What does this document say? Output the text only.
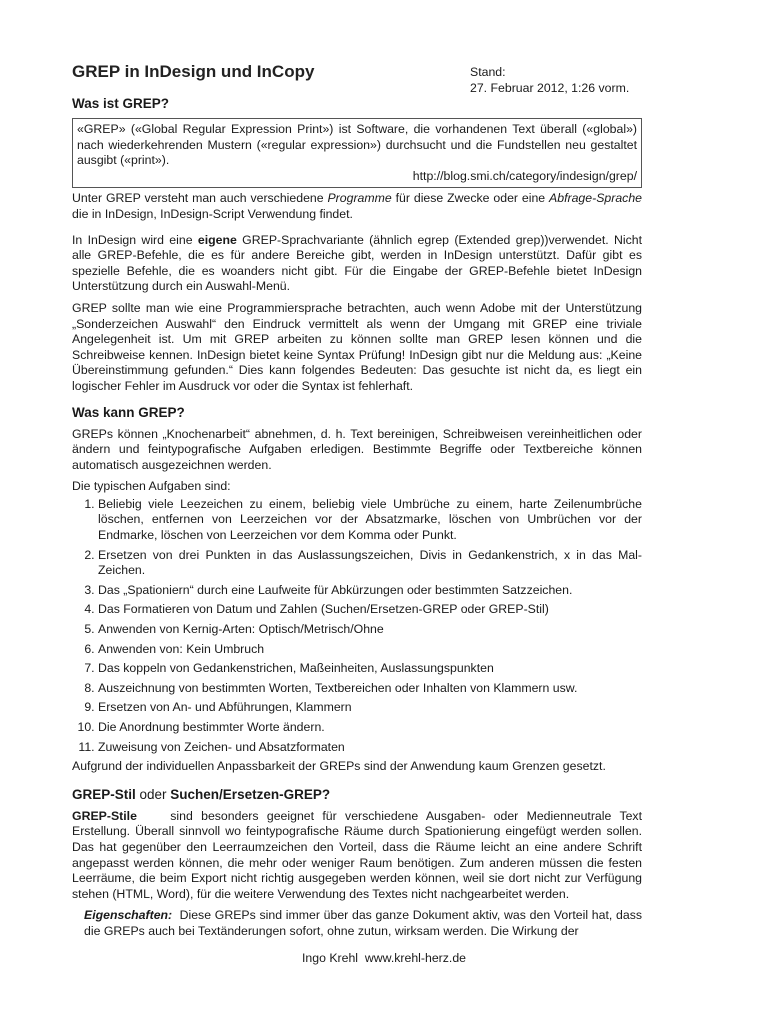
GREP in InDesign und InCopy	Stand:
27. Februar 2012, 1:26 vorm.
Was ist GREP?
«GREP» («Global Regular Expression Print») ist Software, die vorhandenen Text überall («global») nach wiederkehrenden Mustern («regular expression») durchsucht und die Fundstellen neu gestaltet ausgibt («print»).
http://blog.smi.ch/category/indesign/grep/

Unter GREP versteht man auch verschiedene Programme für diese Zwecke oder eine Abfrage-Sprache die in InDesign, InDesign-Script Verwendung findet.

In InDesign wird eine eigene GREP-Sprachvariante (ähnlich egrep (Extended grep))verwendet. Nicht alle GREP-Befehle, die es für andere Bereiche gibt, werden in InDesign unterstützt. Dafür gibt es spezielle Befehle, die es woanders nicht gibt. Für die Eingabe der GREP-Befehle bietet InDesign Unterstützung durch ein Auswahl-Menü.

GREP sollte man wie eine Programmiersprache betrachten, auch wenn Adobe mit der Unterstützung „Sonderzeichen Auswahl“ den Eindruck vermittelt als wenn der Umgang mit GREP eine triviale Angelegenheit ist. Um mit GREP arbeiten zu können sollte man GREP lesen können und die Schreibweise kennen. InDesign bietet keine Syntax Prüfung! InDesign gibt nur die Meldung aus: „Keine Übereinstimmung gefunden.“ Dies kann folgendes Bedeuten: Das gesuchte ist nicht da, es liegt ein logischer Fehler im Ausdruck vor oder die Syntax ist fehlerhaft.

Was kann GREP?

GREPs können „Knochenarbeit“ abnehmen, d. h. Text bereinigen, Schreibweisen vereinheitlichen oder ändern und feintypografische Aufgaben erledigen. Bestimmte Begriffe oder Textbereiche können automatisch ausgezeichnen werden.

Die typischen Aufgaben sind:

1. Beliebig viele Leezeichen zu einem, beliebig viele Umbrüche zu einem, harte Zeilenumbrüche löschen, entfernen von Leerzeichen vor der Absatzmarke, löschen von Umbrüchen vor der Endmarke, löschen von Leerzeichen vor dem Komma oder Punkt.
2. Ersetzen von drei Punkten in das Auslassungszeichen, Divis in Gedankenstrich, x in das Mal-Zeichen.
3. Das „Spationiern“ durch eine Laufweite für Abkürzungen oder bestimmten Satzzeichen.
4. Das Formatieren von Datum und Zahlen (Suchen/Ersetzen-GREP oder GREP-Stil)
5. Anwenden von Kernig-Arten: Optisch/Metrisch/Ohne
6. Anwenden von: Kein Umbruch
7. Das koppeln von Gedankenstrichen, Maßeinheiten, Auslassungspunkten
8. Auszeichnung von bestimmten Worten, Textbereichen oder Inhalten von Klammern usw.
9. Ersetzen von An- und Abführungen, Klammern
10. Die Anordnung bestimmter Worte ändern.
11. Zuweisung von Zeichen- und Absatzformaten

Aufgrund der individuellen Anpassbarkeit der GREPs sind der Anwendung kaum Grenzen gesetzt.

GREP-Stil oder Suchen/Ersetzen-GREP?

GREP-Stile    sind besonders geeignet für verschiedene Ausgaben- oder Medienneutrale Text Erstellung. Überall sinnvoll wo feintypografische Räume durch Spationierung eingefügt werden sollen. Das hat gegenüber den Leerraumzeichen den Vorteil, dass die Räume leicht an eine andere Schrift angepasst werden können, die mehr oder weniger Raum benötigen. Zum anderen müssen die festen Leerräume, die beim Export nicht richtig ausgegeben werden können, weil sie dort nicht zur Verfügung stehen (HTML, Word), für die weitere Verwendung des Textes nicht nachgearbeitet werden.

Eigenschaften:  Diese GREPs sind immer über das ganze Dokument aktiv, was den Vorteil hat, dass die GREPs auch bei Textänderungen sofort, ohne zutun, wirksam werden. Die Wirkung der

Ingo Krehl www.krehl-herz.de
